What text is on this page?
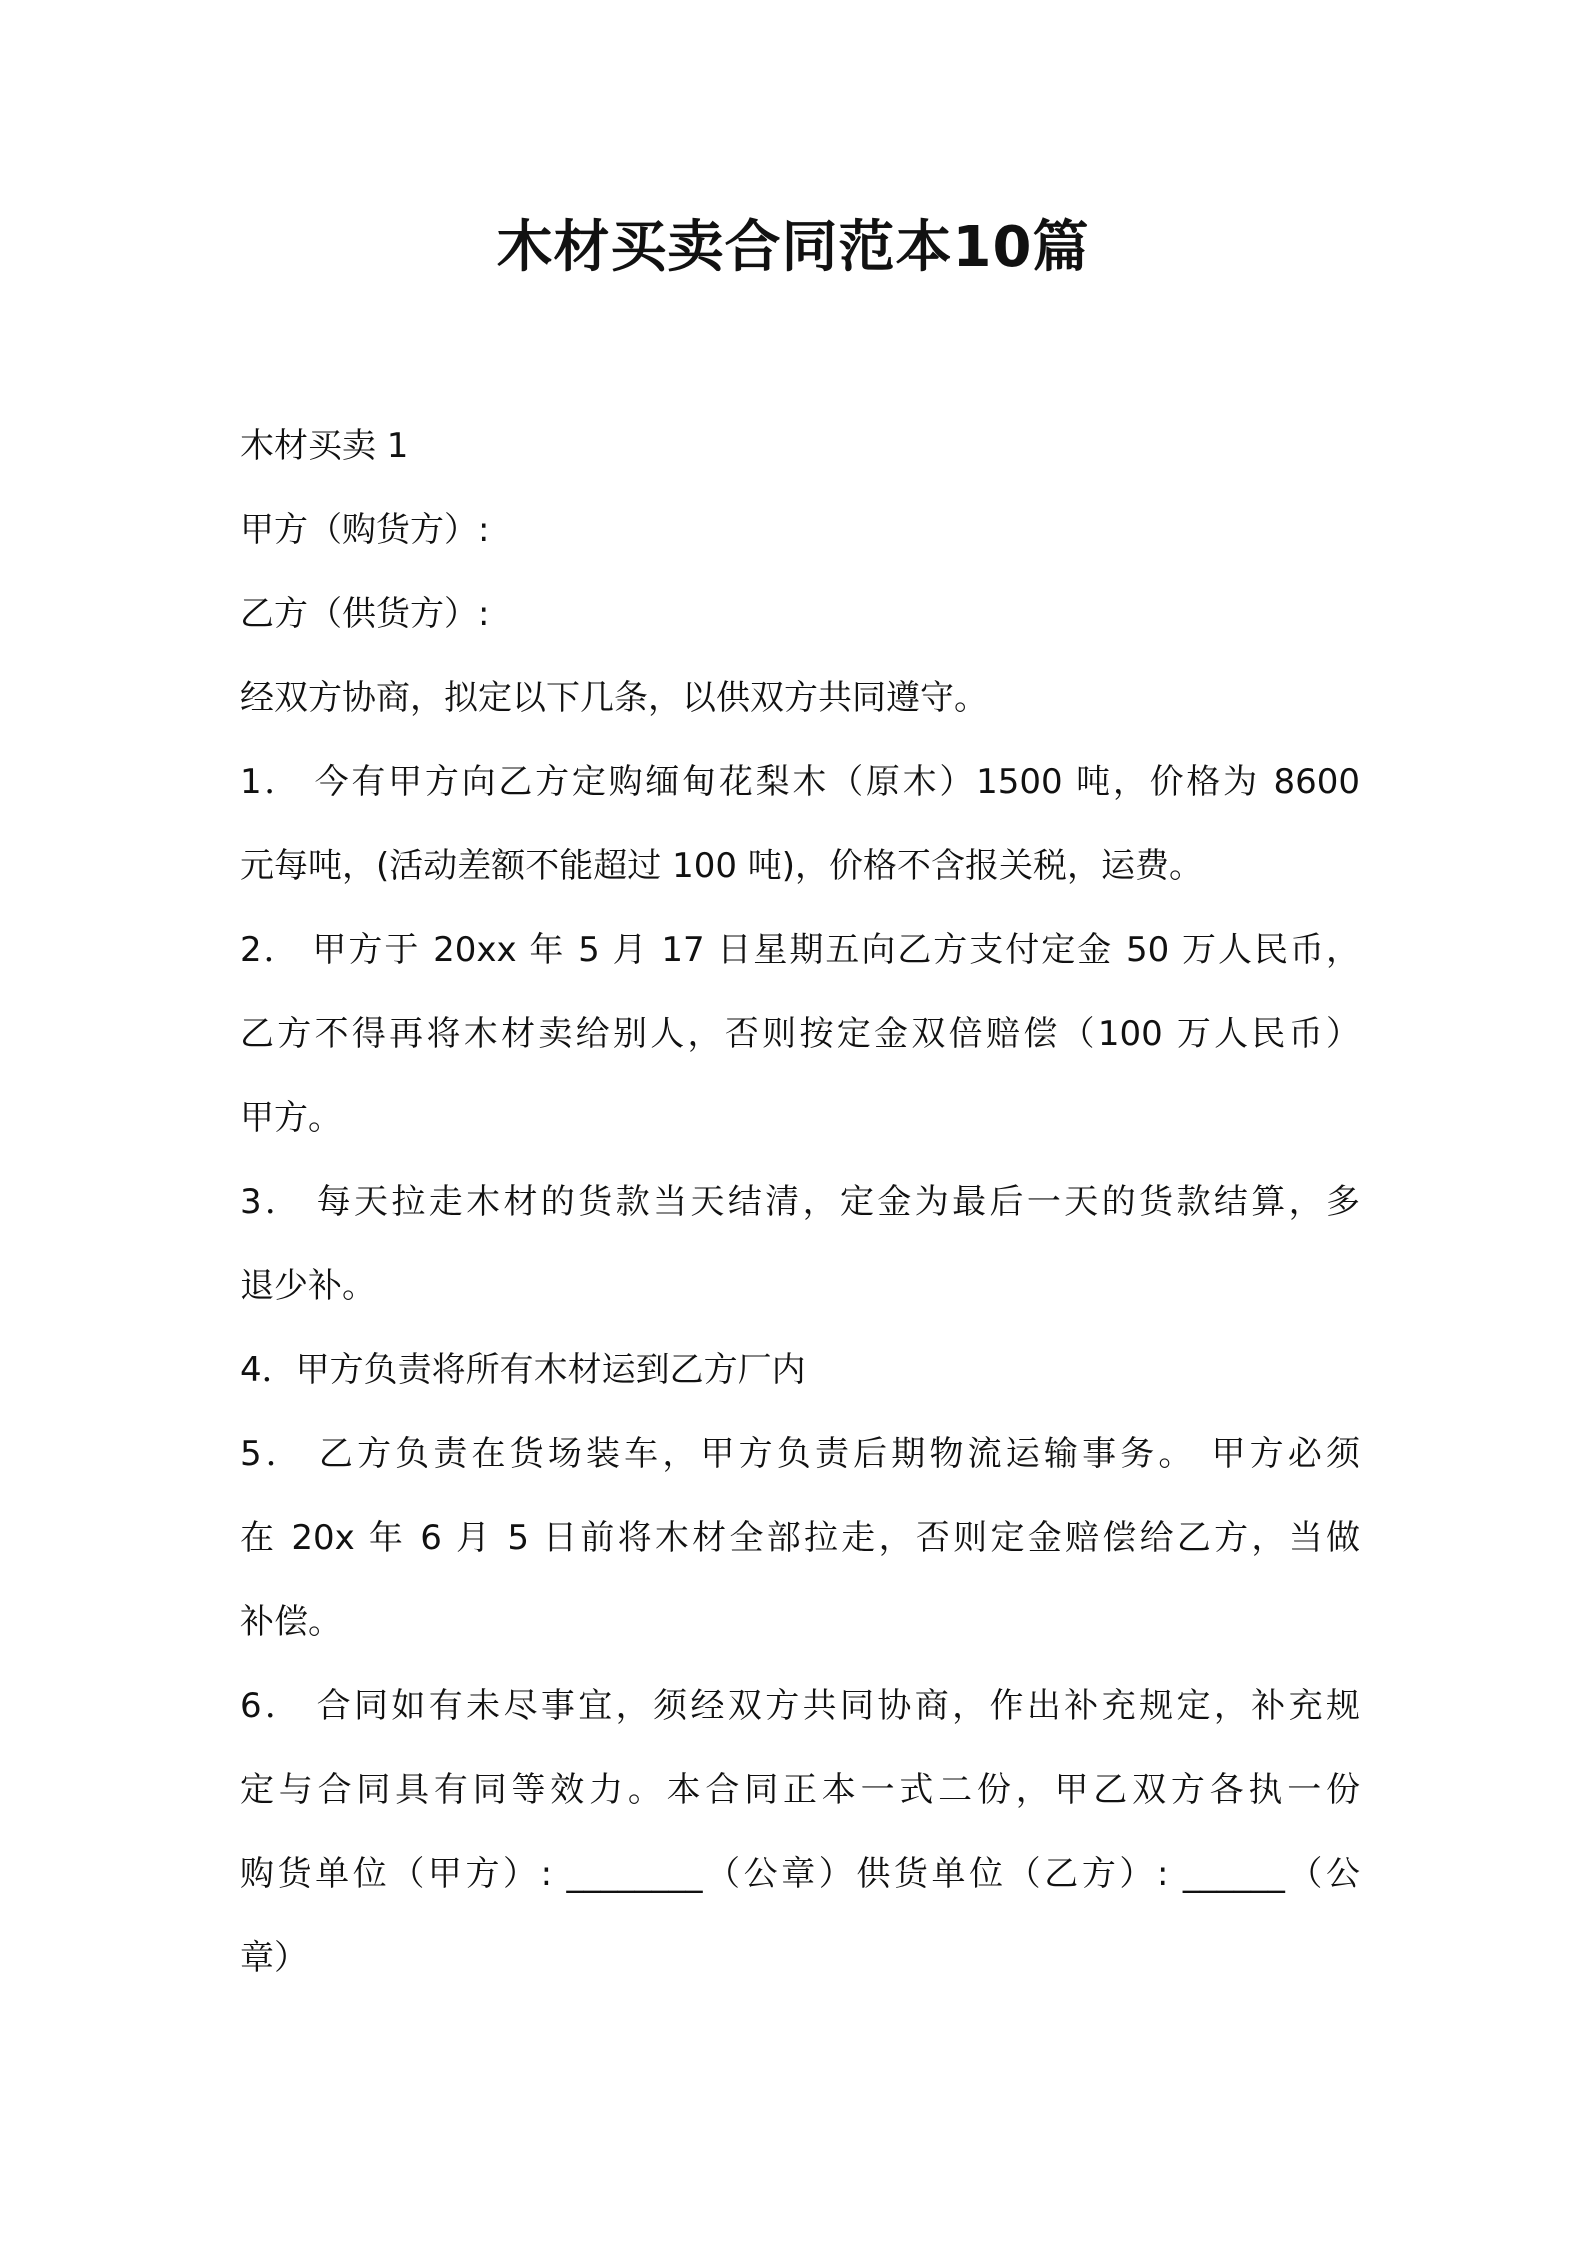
木材买卖合同范本10篇
木材买卖 1
甲方（购货方）:
乙方（供货方）:
经双方协商，拟定以下几条，以供双方共同遵守。
1． 今有甲方向乙方定购缅甸花梨木（原木）1500 吨，价格为 8600
元每吨，(活动差额不能超过 100 吨)，价格不含报关税，运费。
2． 甲方于 20xx 年 5 月 17 日星期五向乙方支付定金 50 万人民币，
乙方不得再将木材卖给别人，否则按定金双倍赔偿（100 万人民币）
甲方。
3． 每天拉走木材的货款当天结清，定金为最后一天的货款结算，多
退少补。
4．甲方负责将所有木材运到乙方厂内
5． 乙方负责在货场装车，甲方负责后期物流运输事务。 甲方必须
在 20x 年 6 月 5 日前将木材全部拉走，否则定金赔偿给乙方，当做
补偿。
6． 合同如有未尽事宜，须经双方共同协商，作出补充规定，补充规
定与合同具有同等效力。本合同正本一式二份，甲乙双方各执一份
购货单位（甲方）: ________（公章）供货单位（乙方）: ______（公
章）
